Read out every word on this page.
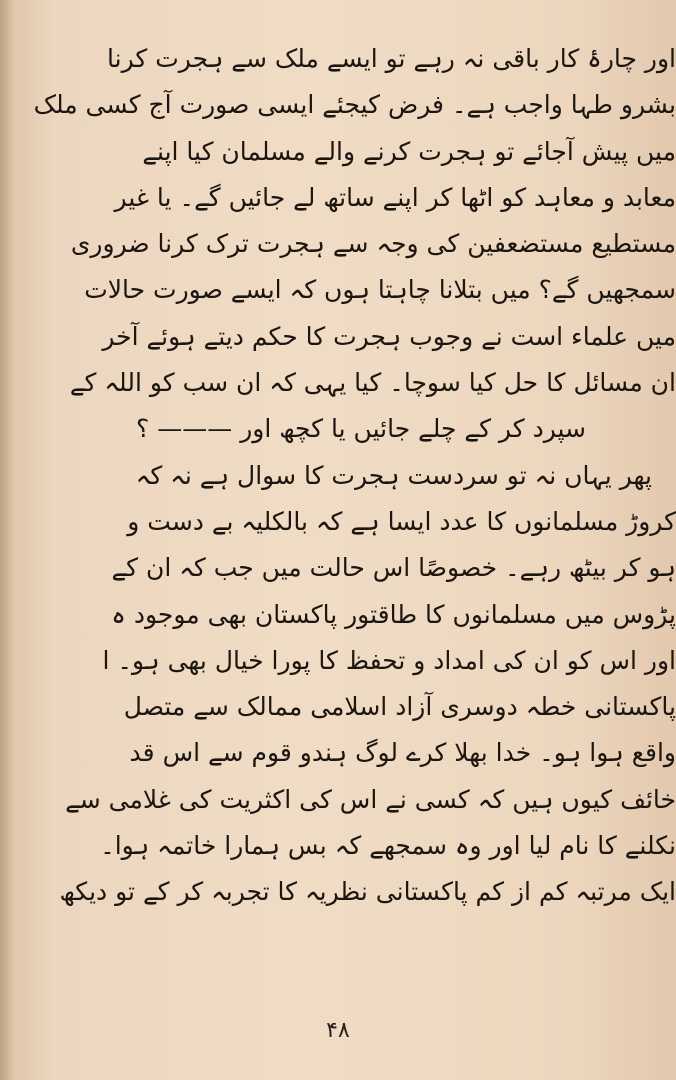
اور چارۂ کار باقی نہ رہے تو ایسے ملک سے ہجرت کرنا
بشرو طہا واجب ہے۔ فرض کیجئے ایسی صورت آج کسی ملک
میں پیش آجائے تو ہجرت کرنے والے مسلمان کیا اپنے
معابد و معاہد کو اٹھا کر اپنے ساتھ لے جائیں گے۔ یا غیر
مستطیع مستضعفین کی وجہ سے ہجرت ترک کرنا ضروری
سمجھیں گے؟ میں بتلانا چاہتا ہوں کہ ایسے صورت حالات
میں علماء است نے وجوب ہجرت کا حکم دیتے ہوئے آخر
ان مسائل کا حل کیا سوچا۔ کیا یہی کہ ان سب کو اللہ کے
سپرد کر کے چلے جائیں یا کچھ اور ——— ؟
پھر یہاں نہ تو سردست ہجرت کا سوال ہے نہ کہ
کروڑ مسلمانوں کا عدد ایسا ہے کہ بالکلیہ بے دست و
ہو کر بیٹھ رہے۔ خصوصًا اس حالت میں جب کہ ان کے
پڑوس میں مسلمانوں کا طاقتور پاکستان بھی موجود ہ
اور اس کو ان کی امداد و تحفظ کا پورا خیال بھی ہو۔ ا
پاکستانی خطہ دوسری آزاد اسلامی ممالک سے متصل
واقع ہوا ہو۔ خدا بھلا کرے لوگ ہندو قوم سے اس قد
خائف کیوں ہیں کہ کسی نے اس کی اکثریت کی غلامی سے
نکلنے کا نام لیا اور وہ سمجھے کہ بس ہمارا خاتمہ ہوا۔
ایک مرتبہ کم از کم پاکستانی نظریہ کا تجربہ کر کے تو دیکھ
۴۸
